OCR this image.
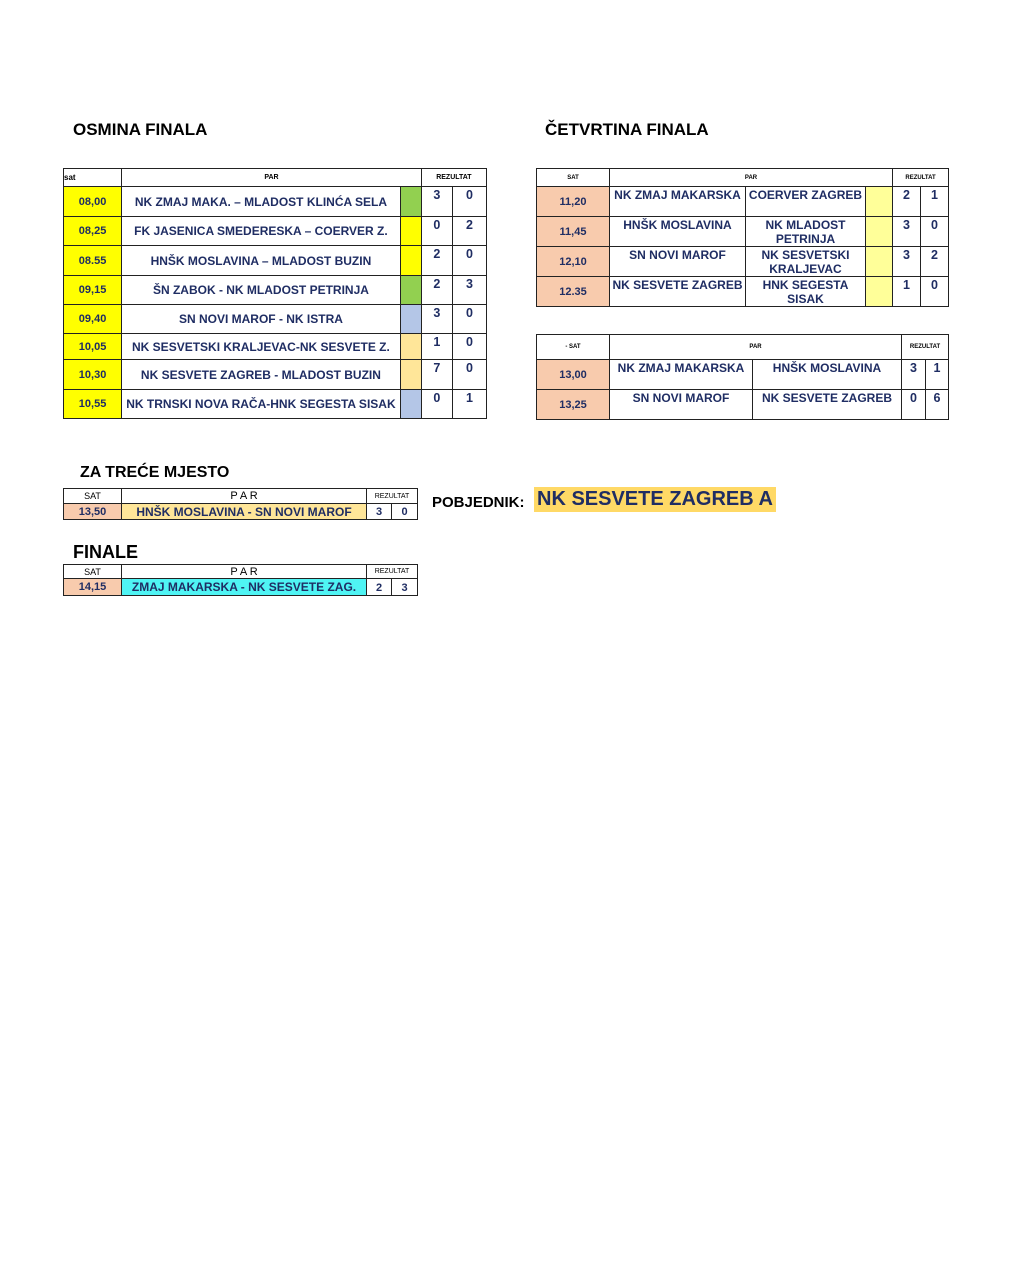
OSMINA FINALA
sat	PAR		REZULTAT	
08,00	NK ZMAJ MAKA. – MLADOST KLINĆA SELA		3	0
08,25	FK JASENICA SMEDERESKA – COERVER Z.		0	2
08.55	HNŠK MOSLAVINA – MLADOST BUZIN		2	0
09,15	ŠN ZABOK - NK MLADOST PETRINJA		2	3
09,40	SN NOVI MAROF - NK ISTRA		3	0
10,05	NK SESVETSKI KRALJEVAC-NK SESVETE Z.		1	0
10,30	NK SESVETE ZAGREB - MLADOST BUZIN		7	0
10,55	NK TRNSKI NOVA RAČA-HNK SEGESTA SISAK		0	1
ČETVRTINA FINALA
SAT	PAR			REZULTAT	
11,20	NK ZMAJ MAKARSKA	COERVER ZAGREB		2	1
11,45	HNŠK MOSLAVINA	NK MLADOST PETRINJA		3	0
12,10	SN NOVI MAROF	NK SESVETSKI KRALJEVAC		3	2
12.35	NK SESVETE ZAGREB	HNK SEGESTA SISAK		1	0
- SAT	PAR		REZULTAT	
13,00	NK ZMAJ MAKARSKA	HNŠK MOSLAVINA	3	1
13,25	SN NOVI MAROF	NK SESVETE ZAGREB	0	6
ZA TREĆE MJESTO
SAT	P A R	REZULTAT	
13,50	HNŠK MOSLAVINA - SN NOVI MAROF	3	0
POBJEDNIK: NK SESVETE ZAGREB A
FINALE
SAT	P A R	REZULTAT	
14,15	ZMAJ MAKARSKA - NK SESVETE ZAG.	2	3
